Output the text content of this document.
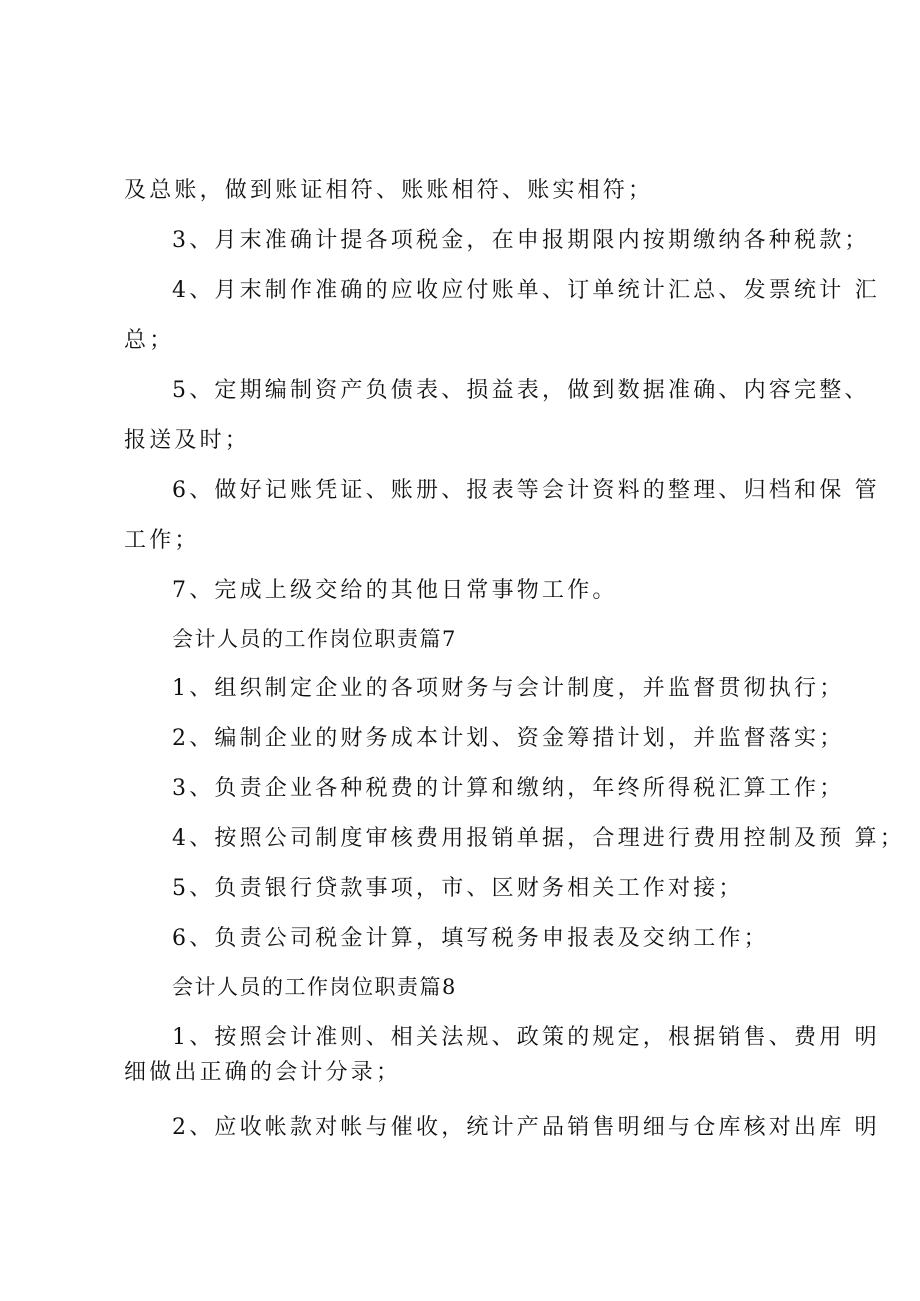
及总账，做到账证相符、账账相符、账实相符；
3、月末准确计提各项税金，在申报期限内按期缴纳各种税款；
4、月末制作准确的应收应付账单、订单统计汇总、发票统计 汇
总；
5、定期编制资产负债表、损益表，做到数据准确、内容完整、
报送及时；
6、做好记账凭证、账册、报表等会计资料的整理、归档和保 管
工作；
7、完成上级交给的其他日常事物工作。
会计人员的工作岗位职责篇7
1、组织制定企业的各项财务与会计制度，并监督贯彻执行；
2、编制企业的财务成本计划、资金筹措计划，并监督落实；
3、负责企业各种税费的计算和缴纳，年终所得税汇算工作；
4、按照公司制度审核费用报销单据，合理进行费用控制及预 算；
5、负责银行贷款事项，市、区财务相关工作对接；
6、负责公司税金计算，填写税务申报表及交纳工作；
会计人员的工作岗位职责篇8
1、按照会计准则、相关法规、政策的规定，根据销售、费用 明
细做出正确的会计分录；
2、应收帐款对帐与催收，统计产品销售明细与仓库核对出库 明
